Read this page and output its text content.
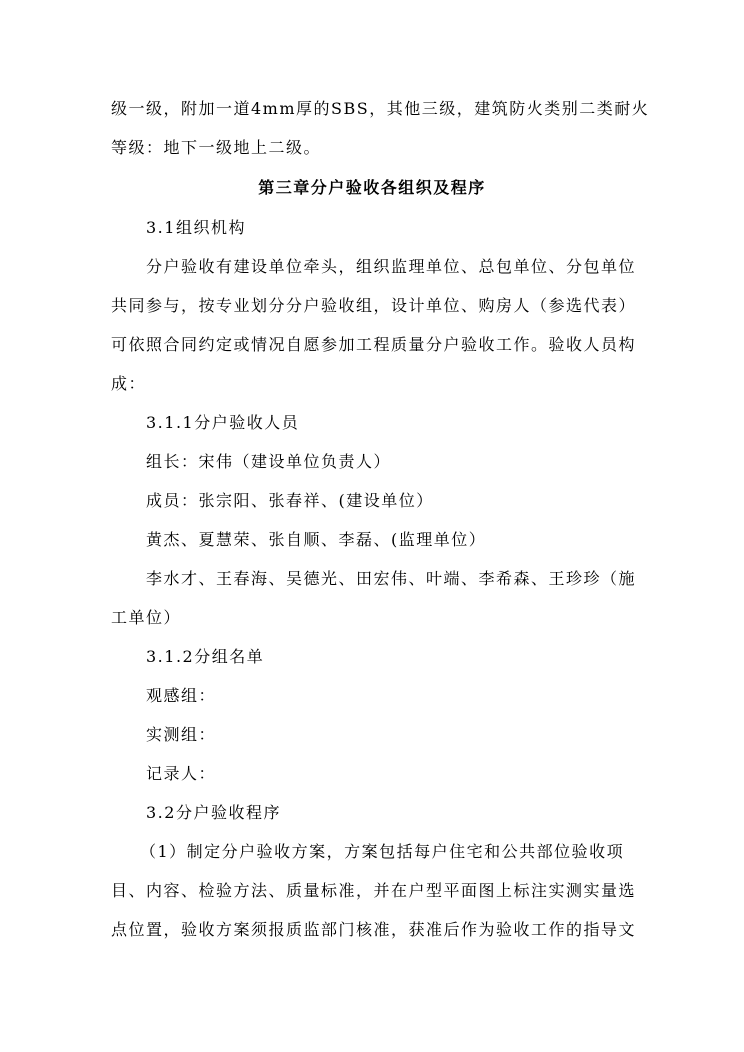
级一级，附加一道4mm厚的SBS，其他三级，建筑防火类别二类耐火
等级：地下一级地上二级。
第三章分户验收各组织及程序
3.1组织机构
分户验收有建设单位牵头，组织监理单位、总包单位、分包单位
共同参与，按专业划分分户验收组，设计单位、购房人（参选代表）
可依照合同约定或情况自愿参加工程质量分户验收工作。验收人员构
成：
3.1.1分户验收人员
组长：宋伟（建设单位负责人）
成员：张宗阳、张春祥、(建设单位）
黄杰、夏慧荣、张自顺、李磊、(监理单位）
李水才、王春海、吴德光、田宏伟、叶端、李希森、王珍珍（施
工单位）
3.1.2分组名单
观感组：
实测组：
记录人：
3.2分户验收程序
（1）制定分户验收方案，方案包括每户住宅和公共部位验收项
目、内容、检验方法、质量标准，并在户型平面图上标注实测实量选
点位置，验收方案须报质监部门核准，获准后作为验收工作的指导文
